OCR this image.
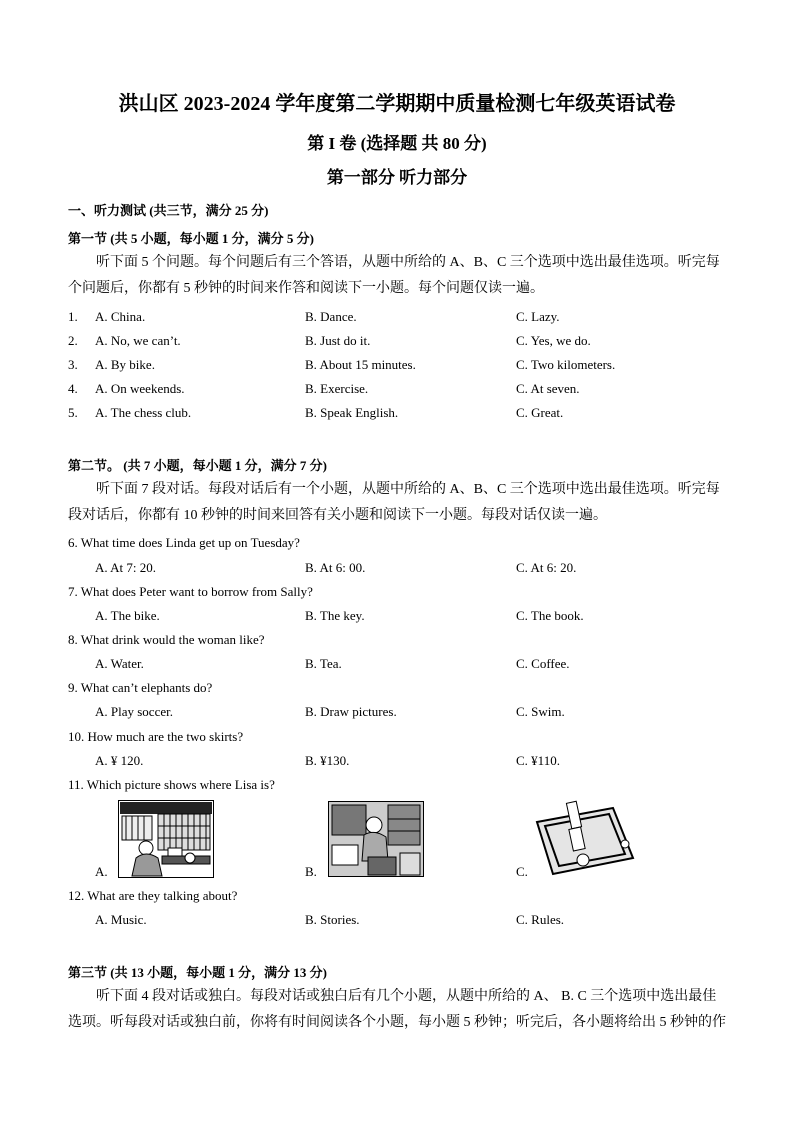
洪山区 2023-2024 学年度第二学期期中质量检测七年级英语试卷
第 I 卷 (选择题 共 80 分)
第一部分 听力部分
一、听力测试 (共三节，满分 25 分)
第一节 (共 5 小题，每小题 1 分，满分 5 分)
听下面 5 个问题。每个问题后有三个答语，从题中所给的 A、B、C 三个选项中选出最佳选项。听完每个问题后，你都有 5 秒钟的时间来作答和阅读下一小题。每个问题仅读一遍。
1. A. China.	B. Dance.	C. Lazy.
2. A. No, we can’t.	B. Just do it.	C. Yes, we do.
3. A. By bike.	B. About 15 minutes.	C. Two kilometers.
4. A. On weekends.	B. Exercise.	C. At seven.
5. A. The chess club.	B. Speak English.	C. Great.
第二节。 (共 7 小题，每小题 1 分，满分 7 分)
听下面 7 段对话。每段对话后有一个小题，从题中所给的 A、B、C 三个选项中选出最佳选项。听完每段对话后，你都有 10 秒钟的时间来回答有关小题和阅读下一小题。每段对话仅读一遍。
6. What time does Linda get up on Tuesday?
A. At 7: 20.	B. At 6: 00.	C. At 6: 20.
7. What does Peter want to borrow from Sally?
A. The bike.	B. The key.	C. The book.
8. What drink would the woman like?
A. Water.	B. Tea.	C. Coffee.
9. What can’t elephants do?
A. Play soccer.	B. Draw pictures.	C. Swim.
10. How much are the two skirts?
A. ¥ 120.	B. ¥130.	C. ¥110.
11. Which picture shows where Lisa is?
A.	B.	C.
12. What are they talking about?
A. Music.	B. Stories.	C. Rules.
第三节 (共 13 小题，每小题 1 分，满分 13 分)
听下面 4 段对话或独白。每段对话或独白后有几个小题，从题中所给的 A、 B. C 三个选项中选出最佳选项。听每段对话或独白前，你将有时间阅读各个小题，每小题 5 秒钟；听完后，各小题将给出 5 秒钟的作
